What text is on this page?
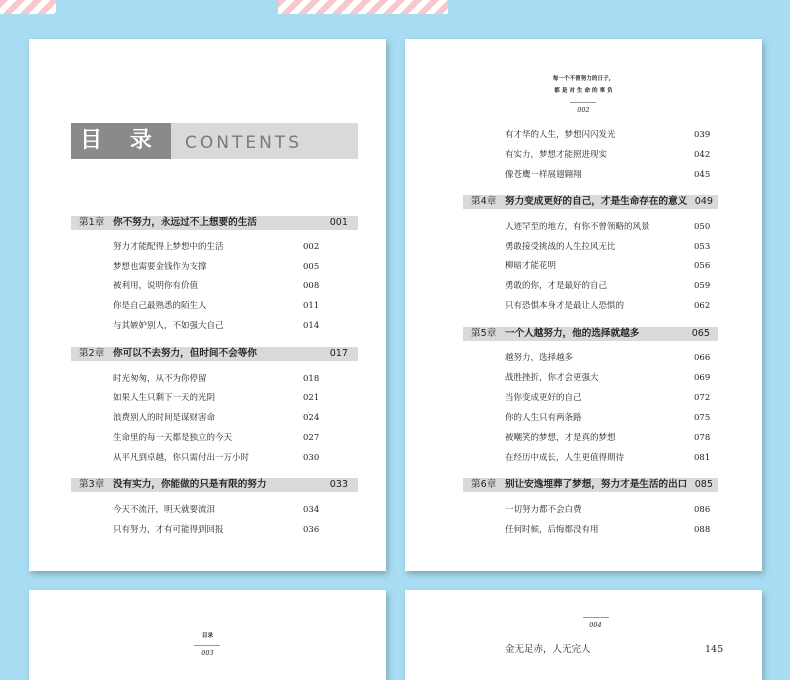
目 录	CONTENTS
第1章 你不努力，永远过不上想要的生活	001
努力才能配得上梦想中的生活	002
梦想也需要金钱作为支撑	005
被利用，说明你有价值	008
你是自己最熟悉的陌生人	011
与其嫉妒别人，不如强大自己	014
第2章 你可以不去努力，但时间不会等你	017
时光匆匆，从不为你停留	018
如果人生只剩下一天的光阴	021
浪费别人的时间是谋财害命	024
生命里的每一天都是独立的今天	027
从平凡到卓越，你只需付出一万小时	030
第3章 没有实力，你能做的只是有限的努力	033
今天不流汗，明天就要流泪	034
只有努力，才有可能得到回报	036
每一个不曾努力的日子，
都 是 对 生 命 的 辜 负
002
有才华的人生，梦想闪闪发光	039
有实力，梦想才能照进现实	042
像苍鹰一样展翅翱翔	045
第4章 努力变成更好的自己，才是生命存在的意义 049
人迹罕至的地方，有你不曾领略的风景	050
勇敢接受挑战的人生拉风无比	053
柳暗才能花明	056
勇敢的你，才是最好的自己	059
只有恐惧本身才是最让人恐惧的	062
第5章 一个人越努力，他的选择就越多	065
越努力，选择越多	066
战胜挫折，你才会更强大	069
当你变成更好的自己	072
你的人生只有两条路	075
被嘲笑的梦想，才是真的梦想	078
在经历中成长，人生更值得期待	081
第6章 别让安逸埋葬了梦想，努力才是生活的出口 085
一切努力都不会白费	086
任何时候，后悔都没有用	088
目录
003
004
金无足赤，人无完人	145
